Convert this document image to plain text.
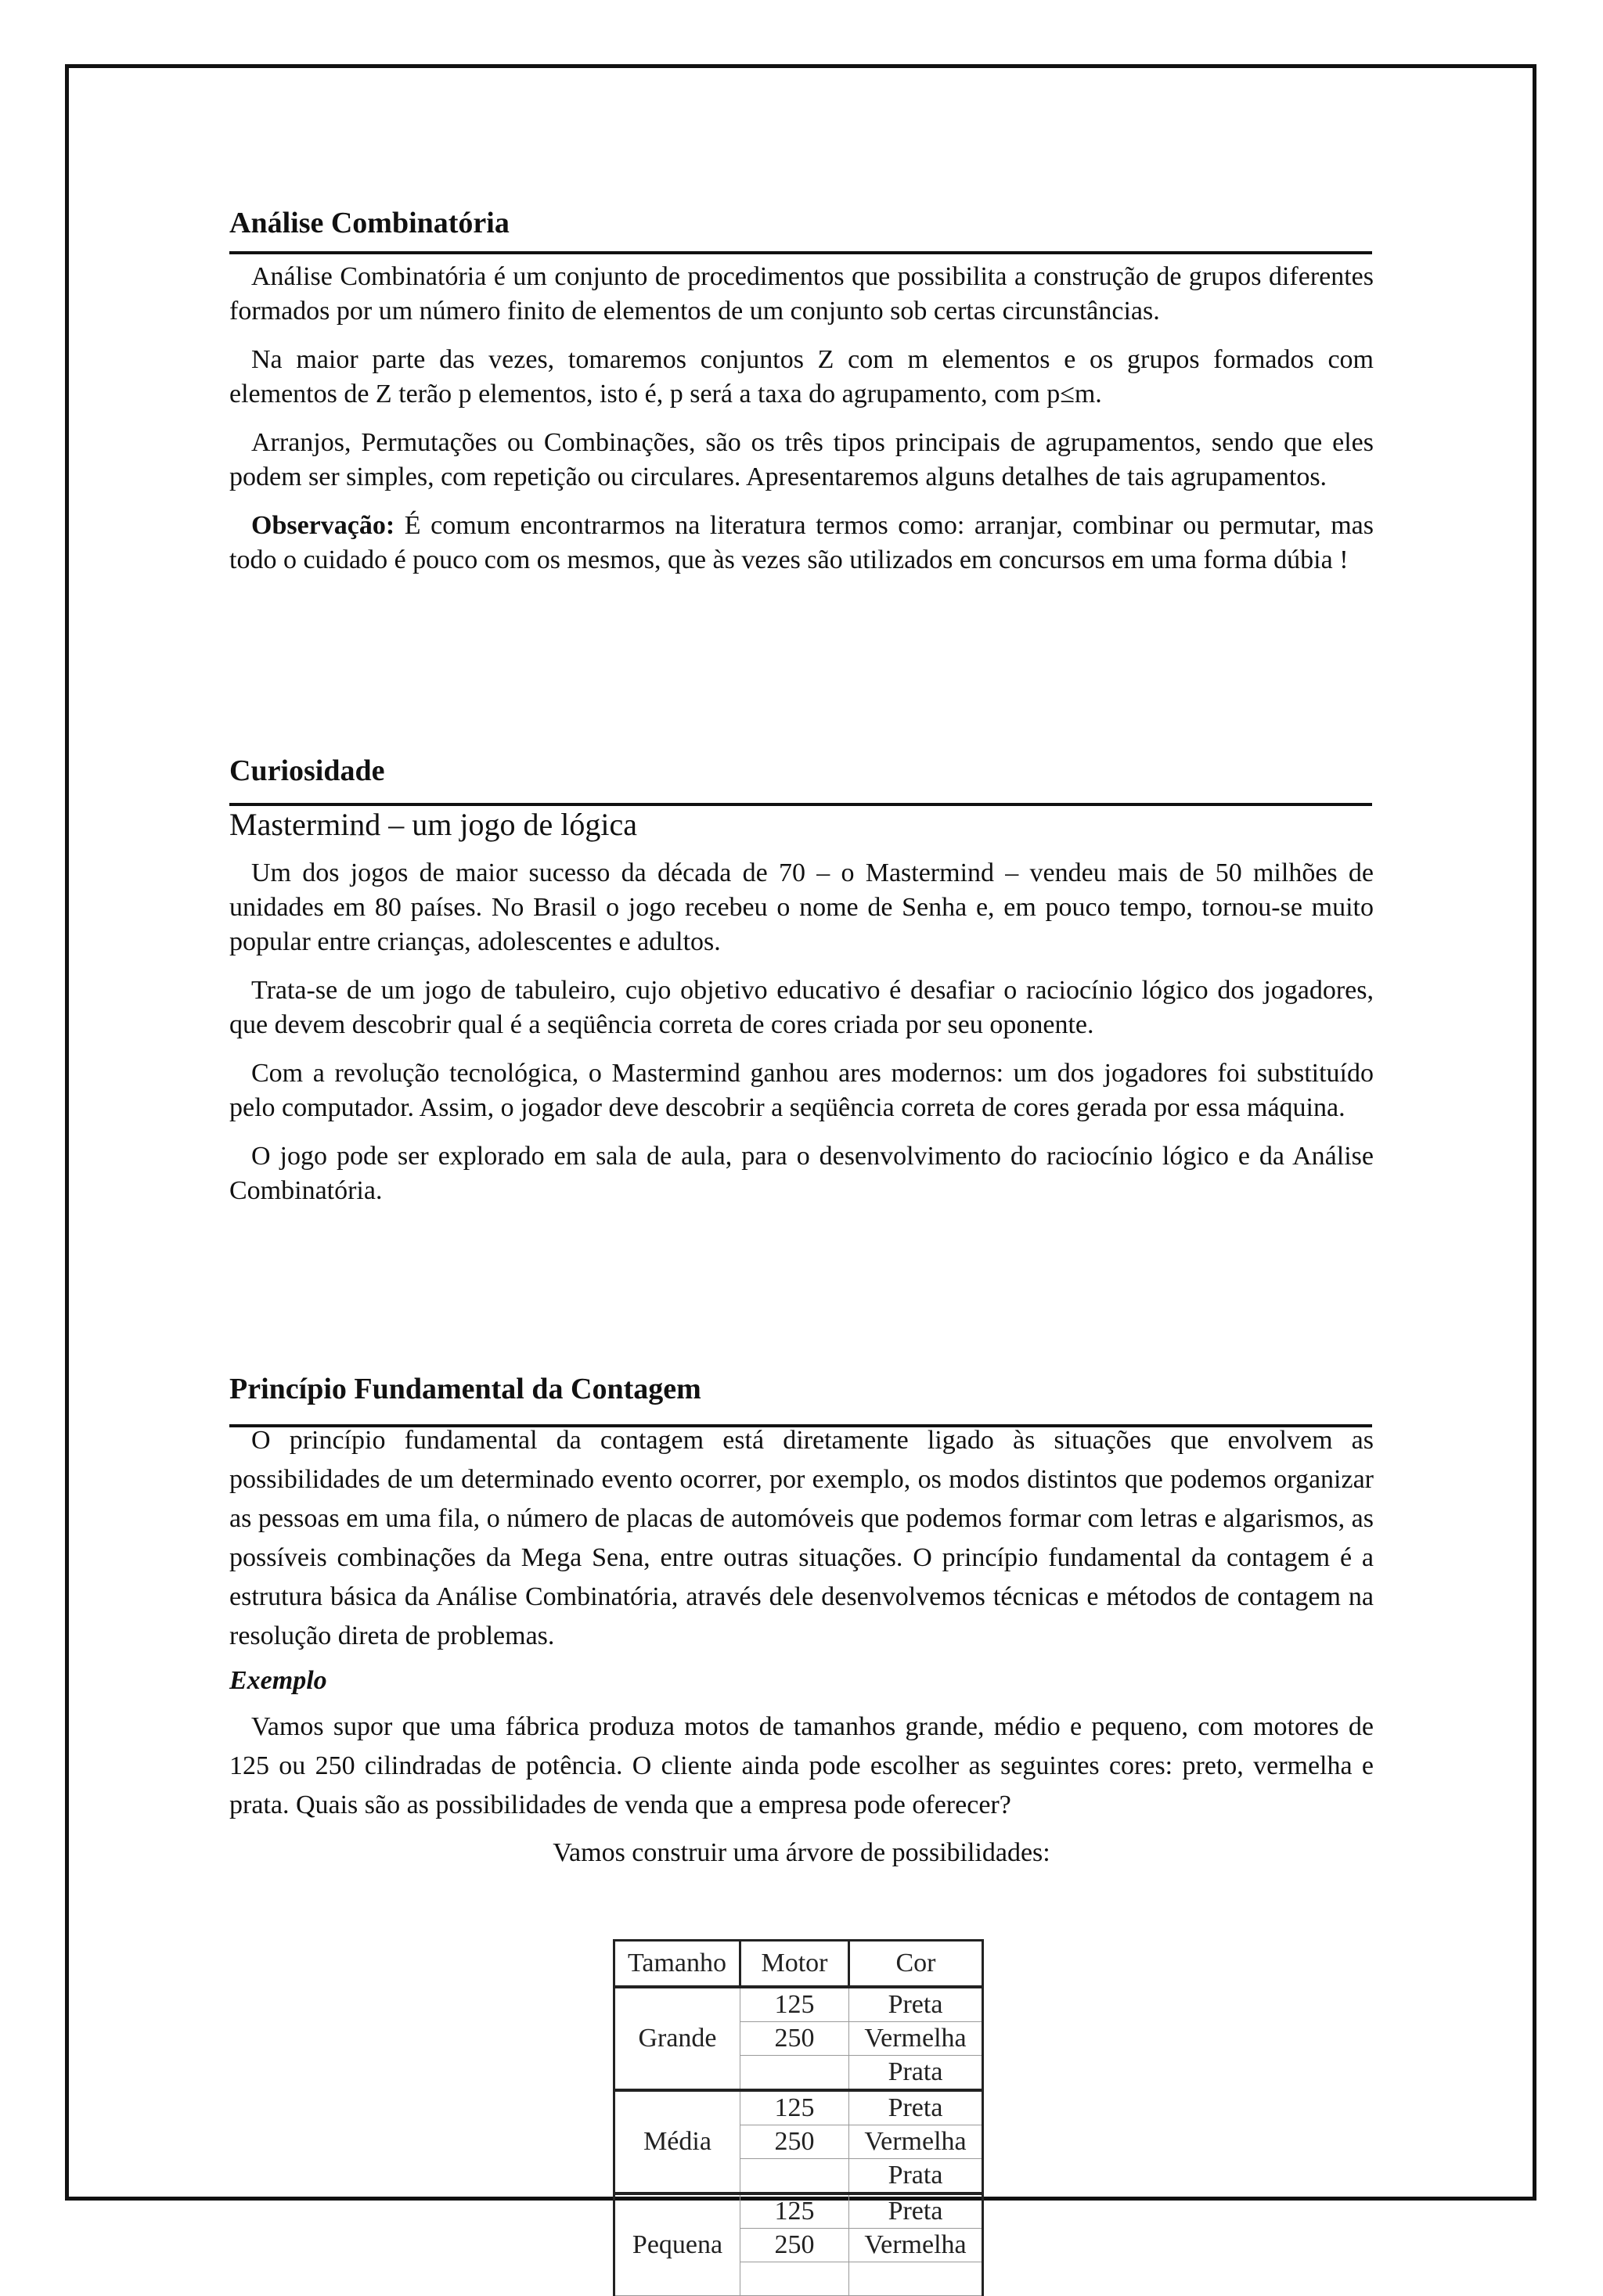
Análise Combinatória

Análise Combinatória é um conjunto de procedimentos que possibilita a construção de grupos diferentes formados por um número finito de elementos de um conjunto sob certas circunstâncias.

Na maior parte das vezes, tomaremos conjuntos Z com m elementos e os grupos formados com elementos de Z terão p elementos, isto é, p será a taxa do agrupamento, com p≤m.

Arranjos, Permutações ou Combinações, são os três tipos principais de agrupamentos, sendo que eles podem ser simples, com repetição ou circulares. Apresentaremos alguns detalhes de tais agrupamentos.

Observação: É comum encontrarmos na literatura termos como: arranjar, combinar ou permutar, mas todo o cuidado é pouco com os mesmos, que às vezes são utilizados em concursos em uma forma dúbia !

Curiosidade

Mastermind – um jogo de lógica

Um dos jogos de maior sucesso da década de 70 – o Mastermind – vendeu mais de 50 milhões de unidades em 80 países. No Brasil o jogo recebeu o nome de Senha e, em pouco tempo, tornou-se muito popular entre crianças, adolescentes e adultos.

Trata-se de um jogo de tabuleiro, cujo objetivo educativo é desafiar o raciocínio lógico dos jogadores, que devem descobrir qual é a seqüência correta de cores criada por seu oponente.

Com a revolução tecnológica, o Mastermind ganhou ares modernos: um dos jogadores foi substituído pelo computador. Assim, o jogador deve descobrir a seqüência correta de cores gerada por essa máquina.

O jogo pode ser explorado em sala de aula, para o desenvolvimento do raciocínio lógico e da Análise Combinatória.

Princípio Fundamental da Contagem

O princípio fundamental da contagem está diretamente ligado às situações que envolvem as possibilidades de um determinado evento ocorrer, por exemplo, os modos distintos que podemos organizar as pessoas em uma fila, o número de placas de automóveis que podemos formar com letras e algarismos, as possíveis combinações da Mega Sena, entre outras situações. O princípio fundamental da contagem é a estrutura básica da Análise Combinatória, através dele desenvolvemos técnicas e métodos de contagem na resolução direta de problemas.

Exemplo

Vamos supor que uma fábrica produza motos de tamanhos grande, médio e pequeno, com motores de 125 ou 250 cilindradas de potência. O cliente ainda pode escolher as seguintes cores: preto, vermelha e prata. Quais são as possibilidades de venda que a empresa pode oferecer?

Vamos construir uma árvore de possibilidades:

Tamanho	Motor	Cor
Grande	125	Preta
	250	Vermelha
		Prata
Média	125	Preta
	250	Vermelha
		Prata
Pequena	125	Preta
	250	Vermelha
